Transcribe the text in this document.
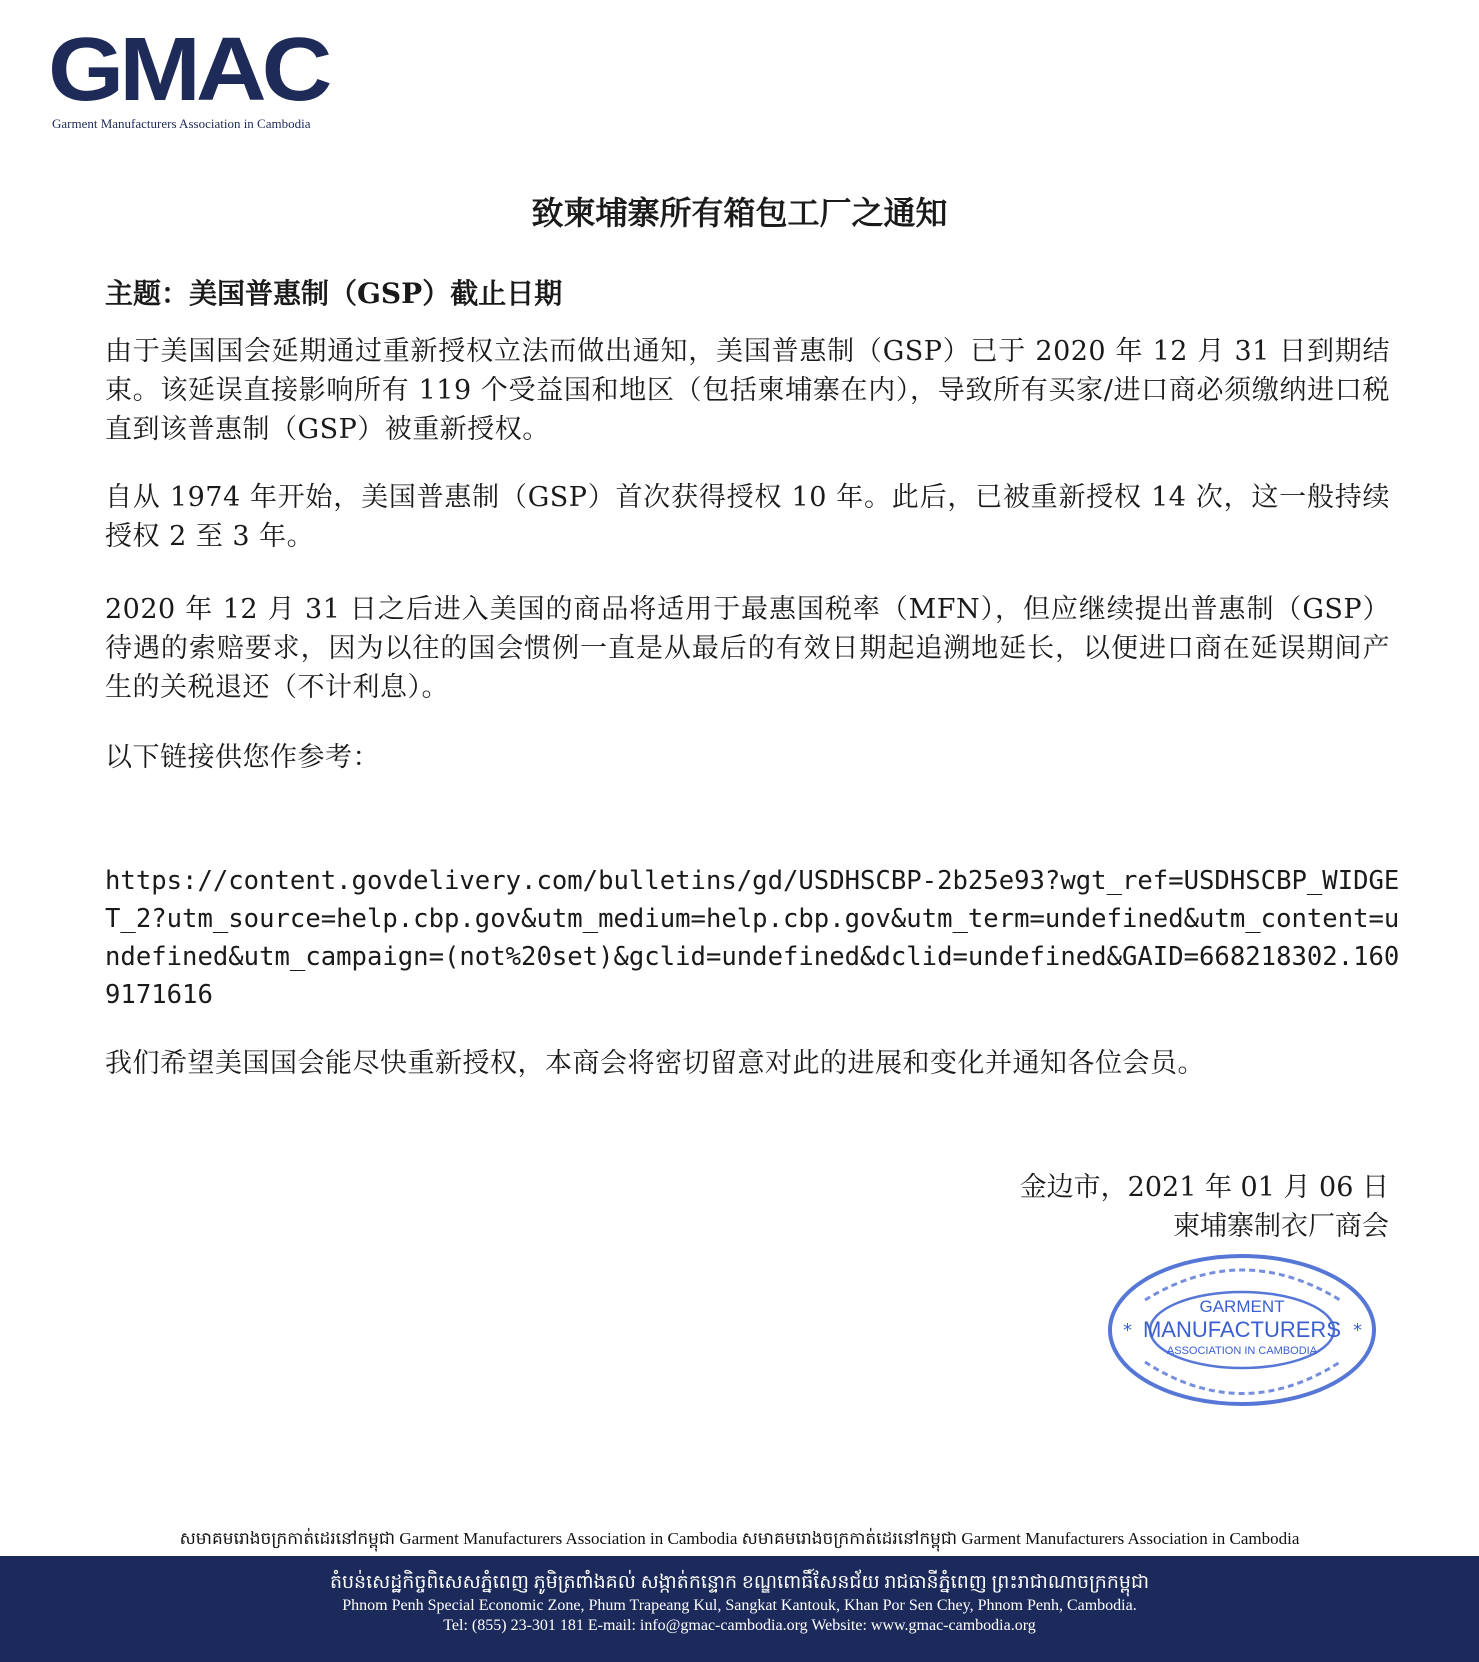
GMAC
Garment Manufacturers Association in Cambodia
致柬埔寨所有箱包工厂之通知
主题：美国普惠制（GSP）截止日期
由于美国国会延期通过重新授权立法而做出通知，美国普惠制（GSP）已于 2020 年 12 月 31 日到期结束。该延误直接影响所有 119 个受益国和地区（包括柬埔寨在内），导致所有买家/进口商必须缴纳进口税直到该普惠制（GSP）被重新授权。
自从 1974 年开始，美国普惠制（GSP）首次获得授权 10 年。此后，已被重新授权 14 次，这一般持续授权 2 至 3 年。
2020 年 12 月 31 日之后进入美国的商品将适用于最惠国税率（MFN），但应继续提出普惠制（GSP）待遇的索赔要求，因为以往的国会惯例一直是从最后的有效日期起追溯地延长，以便进口商在延误期间产生的关税退还（不计利息）。
以下链接供您作参考：
https://content.govdelivery.com/bulletins/gd/USDHSCBP-2b25e93?wgt_ref=USDHSCBP_WIDGET_2?utm_source=help.cbp.gov&utm_medium=help.cbp.gov&utm_term=undefined&utm_content=undefined&utm_campaign=(not%20set)&gclid=undefined&dclid=undefined&GAID=668218302.1609171616
我们希望美国国会能尽快重新授权，本商会将密切留意对此的进展和变化并通知各位会员。
金边市，2021 年 01 月 06 日
柬埔寨制衣厂商会
*	*
GARMENT
MANUFACTURERS
ASSOCIATION IN CAMBODIA
សមាគមរោងចក្រកាត់ដេរនៅកម្ពុជា Garment Manufacturers Association in Cambodia សមាគមរោងចក្រកាត់ដេរនៅកម្ពុជា Garment Manufacturers Association in Cambodia
តំបន់សេដ្ឋកិច្ចពិសេសភ្នំពេញ ភូមិត្រពាំងគល់ សង្កាត់កន្ទោក ខណ្ឌពោធិ៍សែនជ័យ រាជធានីភ្នំពេញ ព្រះរាជាណាចក្រកម្ពុជា
Phnom Penh Special Economic Zone, Phum Trapeang Kul, Sangkat Kantouk, Khan Por Sen Chey, Phnom Penh, Cambodia.
Tel: (855) 23-301 181 E-mail: info@gmac-cambodia.org Website: www.gmac-cambodia.org
